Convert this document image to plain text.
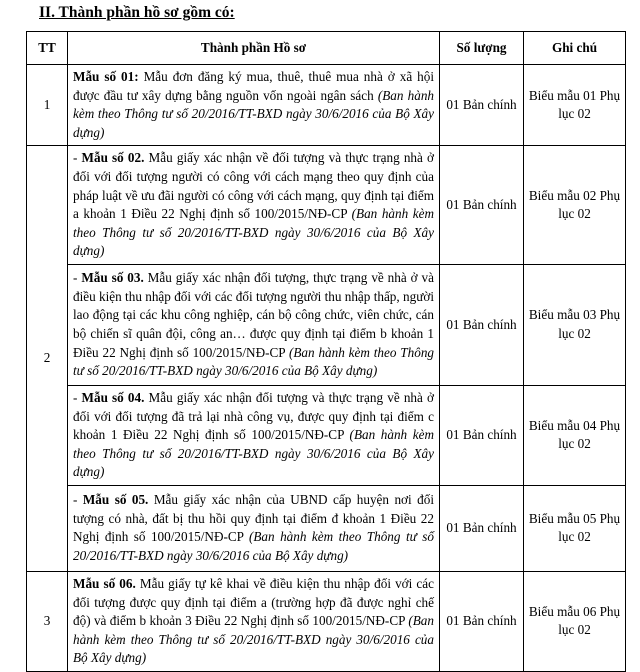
II. Thành phần hồ sơ gồm có:
TT	Thành phần Hồ sơ	Số lượng	Ghi chú
1	Mẫu số 01: Mẫu đơn đăng ký mua, thuê, thuê mua nhà ở xã hội được đầu tư xây dựng bằng nguồn vốn ngoài ngân sách (Ban hành kèm theo Thông tư số 20/2016/TT-BXD ngày 30/6/2016 của Bộ Xây dựng)	01 Bản chính	Biểu mẫu 01 Phụ lục 02
2	- Mẫu số 02. Mẫu giấy xác nhận về đối tượng và thực trạng nhà ở đối với đối tượng người có công với cách mạng theo quy định của pháp luật về ưu đãi người có công với cách mạng, quy định tại điểm a khoản 1 Điều 22 Nghị định số 100/2015/NĐ-CP (Ban hành kèm theo Thông tư số 20/2016/TT-BXD ngày 30/6/2016 của Bộ Xây dựng)	01 Bản chính	Biểu mẫu 02 Phụ lục 02
	- Mẫu số 03. Mẫu giấy xác nhận đối tượng, thực trạng về nhà ở và điều kiện thu nhập đối với các đối tượng người thu nhập thấp, người lao động tại các khu công nghiệp, cán bộ công chức, viên chức, cán bộ chiến sĩ quân đội, công an… được quy định tại điểm b khoản 1 Điều 22 Nghị định số 100/2015/NĐ-CP (Ban hành kèm theo Thông tư số 20/2016/TT-BXD ngày 30/6/2016 của Bộ Xây dựng)	01 Bản chính	Biểu mẫu 03 Phụ lục 02
	- Mẫu số 04. Mẫu giấy xác nhận đối tượng và thực trạng về nhà ở đối với đối tượng đã trả lại nhà công vụ, được quy định tại điểm c khoản 1 Điều 22 Nghị định số 100/2015/NĐ-CP (Ban hành kèm theo Thông tư số 20/2016/TT-BXD ngày 30/6/2016 của Bộ Xây dựng)	01 Bản chính	Biểu mẫu 04 Phụ lục 02
	- Mẫu số 05. Mẫu giấy xác nhận của UBND cấp huyện nơi đối tượng có nhà, đất bị thu hồi quy định tại điểm đ khoản 1 Điều 22 Nghị định số 100/2015/NĐ-CP (Ban hành kèm theo Thông tư số 20/2016/TT-BXD ngày 30/6/2016 của Bộ Xây dựng)	01 Bản chính	Biểu mẫu 05 Phụ lục 02
3	Mẫu số 06. Mẫu giấy tự kê khai về điều kiện thu nhập đối với các đối tượng được quy định tại điểm a (trường hợp đã được nghỉ chế độ) và điểm b khoản 3 Điều 22 Nghị định số 100/2015/NĐ-CP (Ban hành kèm theo Thông tư số 20/2016/TT-BXD ngày 30/6/2016 của Bộ Xây dựng)	01 Bản chính	Biểu mẫu 06 Phụ lục 02
